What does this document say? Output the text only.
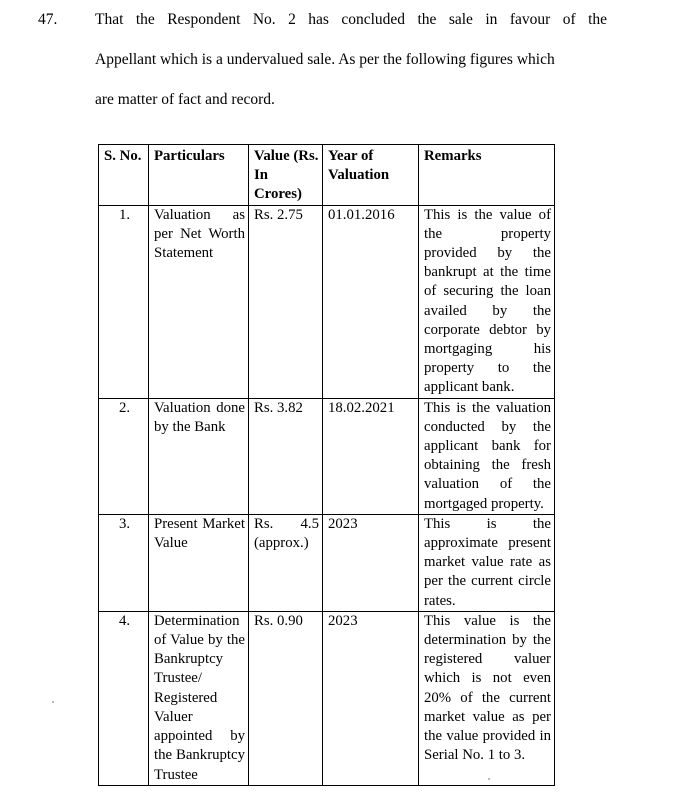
47. That the Respondent No. 2 has concluded the sale in favour of the
Appellant which is a undervalued sale. As per the following figures which
are matter of fact and record.
S. No.	Particulars	Value (Rs. In Crores)	Year of Valuation	Remarks
1.	Valuation as per Net Worth Statement	Rs. 2.75	01.01.2016	This is the value of the property provided by the bankrupt at the time of securing the loan availed by the corporate debtor by mortgaging his property to the applicant bank.
2.	Valuation done by the Bank	Rs. 3.82	18.02.2021	This is the valuation conducted by the applicant bank for obtaining the fresh valuation of the mortgaged property.
3.	Present Market Value	Rs. 4.5 (approx.)	2023	This is the approximate present market value rate as per the current circle rates.
4.	Determination of Value by the Bankruptcy Trustee/ Registered Valuer appointed by the Bankruptcy Trustee	Rs. 0.90	2023	This value is the determination by the registered valuer which is not even 20% of the current market value as per the value provided in Serial No. 1 to 3.
